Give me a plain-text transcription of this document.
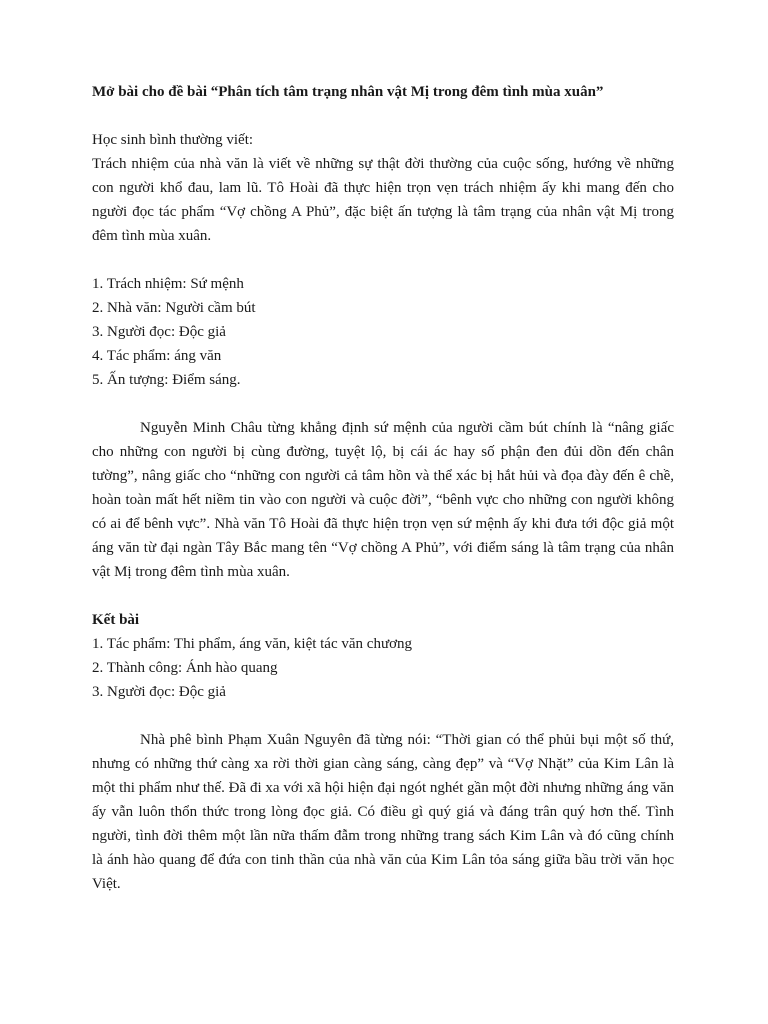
Mở bài cho đề bài “Phân tích tâm trạng nhân vật Mị trong đêm tình mùa xuân”

Học sinh bình thường viết:

Trách nhiệm của nhà văn là viết về những sự thật đời thường của cuộc sống, hướng về những con người khổ đau, lam lũ. Tô Hoài đã thực hiện trọn vẹn trách nhiệm ấy khi mang đến cho người đọc tác phẩm “Vợ chồng A Phủ”, đặc biệt ấn tượng là tâm trạng của nhân vật Mị trong đêm tình mùa xuân.

1. Trách nhiệm: Sứ mệnh
2. Nhà văn: Người cầm bút
3. Người đọc: Độc giả
4. Tác phẩm: áng văn
5. Ấn tượng: Điểm sáng.

Nguyễn Minh Châu từng khẳng định sứ mệnh của người cầm bút chính là “nâng giấc cho những con người bị cùng đường, tuyệt lộ, bị cái ác hay số phận đen đủi dồn đến chân tường”, nâng giấc cho “những con người cả tâm hồn và thể xác bị hắt hủi và đọa đày đến ê chề, hoàn toàn mất hết niềm tin vào con người và cuộc đời”, “bênh vực cho những con người không có ai để bênh vực”. Nhà văn Tô Hoài đã thực hiện trọn vẹn sứ mệnh ấy khi đưa tới độc giả một áng văn từ đại ngàn Tây Bắc mang tên “Vợ chồng A Phủ”, với điểm sáng là tâm trạng của nhân vật Mị trong đêm tình mùa xuân.

Kết bài

1. Tác phẩm: Thi phẩm, áng văn, kiệt tác văn chương
2. Thành công: Ánh hào quang
3. Người đọc: Độc giả

Nhà phê bình Phạm Xuân Nguyên đã từng nói: “Thời gian có thể phủi bụi một số thứ, nhưng có những thứ càng xa rời thời gian càng sáng, càng đẹp” và “Vợ Nhặt” của Kim Lân là một thi phẩm như thế. Đã đi xa với xã hội hiện đại ngót nghét gần một đời nhưng những áng văn ấy vẫn luôn thổn thức trong lòng đọc giả. Có điều gì quý giá và đáng trân quý hơn thế. Tình người, tình đời thêm một lần nữa thấm đẫm trong những trang sách Kim Lân và đó cũng chính là ánh hào quang để đứa con tinh thần của nhà văn của Kim Lân tỏa sáng giữa bầu trời văn học Việt.
